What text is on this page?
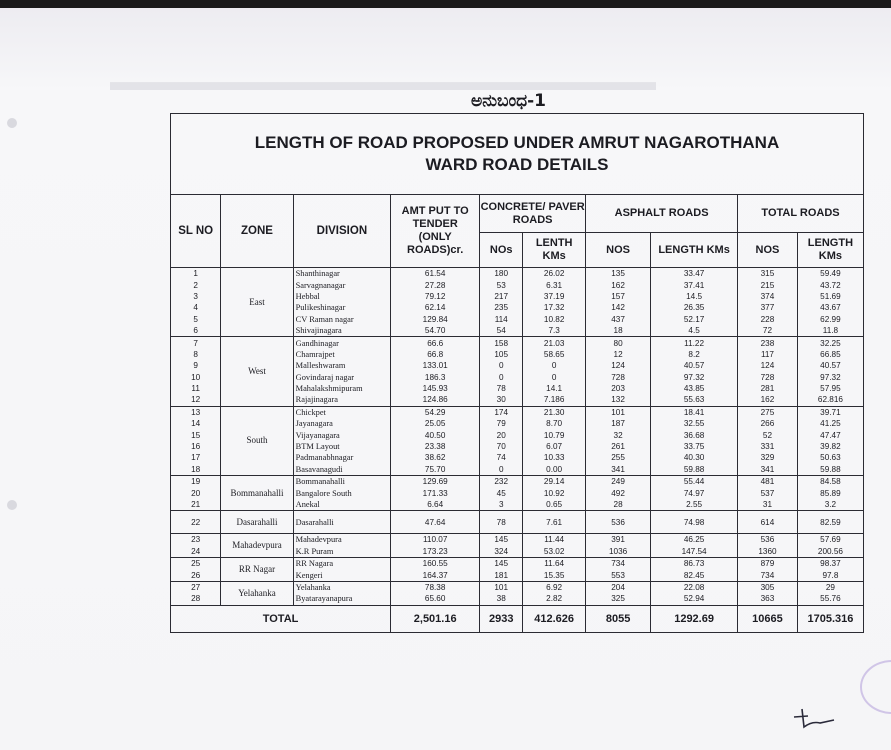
▬▬▬▬▬▬▬▬▬▬▬▬▬▬▬▬▬▬▬▬▬
ಅನುಬಂಧ-1
LENGTH OF ROAD PROPOSED UNDER AMRUT NAGAROTHANA
WARD ROAD DETAILS									

SL NO	ZONE	DIVISION	AMT PUT TO TENDER (ONLY ROADS)cr.	CONCRETE/ PAVER ROADS		ASPHALT ROADS		TOTAL ROADS	
				NOs	LENTH KMs	NOS	LENGTH KMs	NOS	LENGTH KMs
1	East	Shanthinagar	61.54	180	26.02	135	33.47	315	59.49
2		Sarvagnanagar	27.28	53	6.31	162	37.41	215	43.72
3		Hebbal	79.12	217	37.19	157	14.5	374	51.69
4		Pulikeshinagar	62.14	235	17.32	142	26.35	377	43.67
5		CV Raman nagar	129.84	114	10.82	437	52.17	228	62.99
6		Shivajinagara	54.70	54	7.3	18	4.5	72	11.8
7	West	Gandhinagar	66.6	158	21.03	80	11.22	238	32.25
8		Chamrajpet	66.8	105	58.65	12	8.2	117	66.85
9		Malleshwaram	133.01	0	0	124	40.57	124	40.57
10		Govindaraj nagar	186.3	0	0	728	97.32	728	97.32
11		Mahalakshmipuram	145.93	78	14.1	203	43.85	281	57.95
12		Rajajinagara	124.86	30	7.186	132	55.63	162	62.816
13	South	Chickpet	54.29	174	21.30	101	18.41	275	39.71
14		Jayanagara	25.05	79	8.70	187	32.55	266	41.25
15		Vijayanagara	40.50	20	10.79	32	36.68	52	47.47
16		BTM Layout	23.38	70	6.07	261	33.75	331	39.82
17		Padmanabhnagar	38.62	74	10.33	255	40.30	329	50.63
18		Basavanagudi	75.70	0	0.00	341	59.88	341	59.88
19	Bommanahalli	Bommanahalli	129.69	232	29.14	249	55.44	481	84.58
20		Bangalore South	171.33	45	10.92	492	74.97	537	85.89
21		Anekal	6.64	3	0.65	28	2.55	31	3.2
22	Dasarahalli	Dasarahalli	47.64	78	7.61	536	74.98	614	82.59
23	Mahadevpura	Mahadevpura	110.07	145	11.44	391	46.25	536	57.69
24		K.R Puram	173.23	324	53.02	1036	147.54	1360	200.56
25	RR Nagar	RR Nagara	160.55	145	11.64	734	86.73	879	98.37
26		Kengeri	164.37	181	15.35	553	82.45	734	97.8
27	Yelahanka	Yelahanka	78.38	101	6.92	204	22.08	305	29
28		Byatarayanapura	65.60	38	2.82	325	52.94	363	55.76
TOTAL			2,501.16	2933	412.626	8055	1292.69	10665	1705.316
